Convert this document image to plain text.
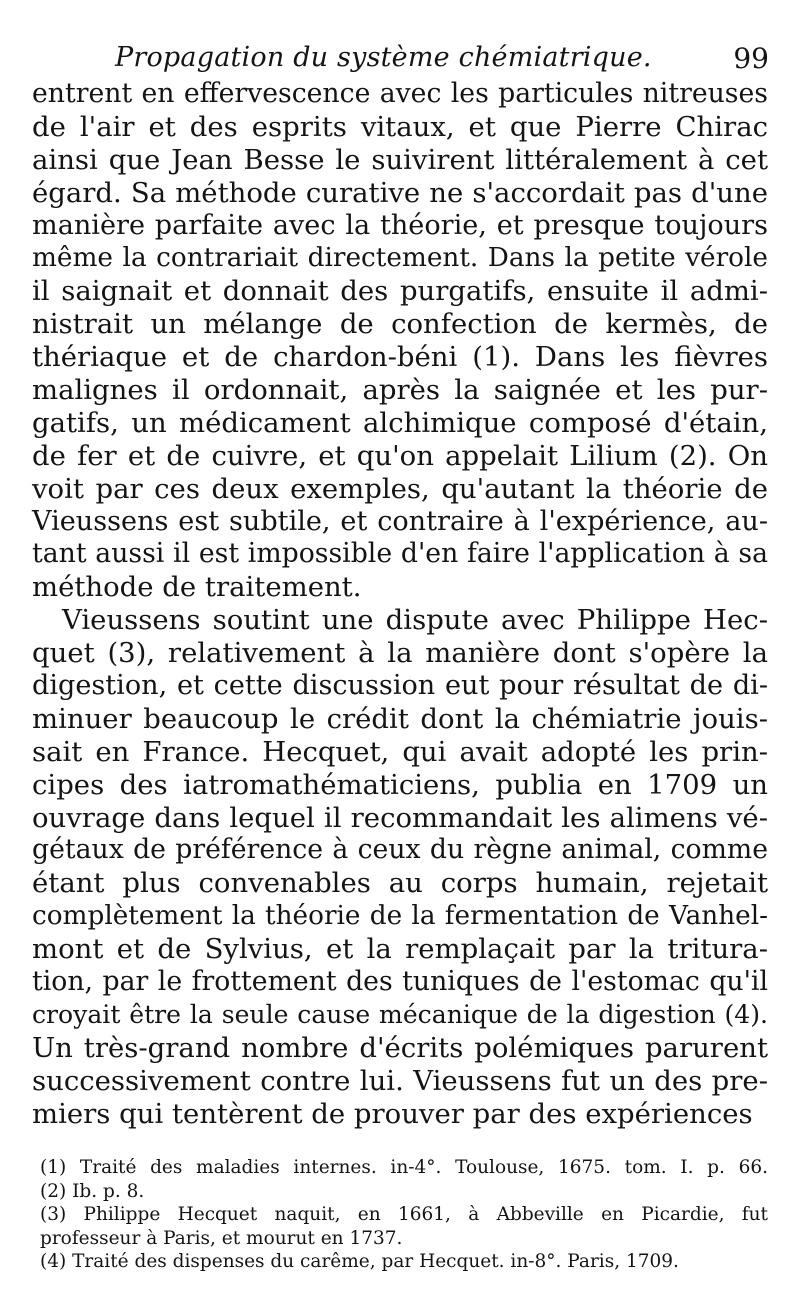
Propagation du système chémiatrique.	99
entrent en effervescence avec les particules nitreuses
de l'air et des esprits vitaux, et que Pierre Chirac
ainsi que Jean Besse le suivirent littéralement à cet
égard. Sa méthode curative ne s'accordait pas d'une
manière parfaite avec la théorie, et presque toujours
même la contrariait directement. Dans la petite vérole
il saignait et donnait des purgatifs, ensuite il admi-
nistrait un mélange de confection de kermès, de
thériaque et de chardon-béni (1). Dans les fièvres
malignes il ordonnait, après la saignée et les pur-
gatifs, un médicament alchimique composé d'étain,
de fer et de cuivre, et qu'on appelait Lilium (2). On
voit par ces deux exemples, qu'autant la théorie de
Vieussens est subtile, et contraire à l'expérience, au-
tant aussi il est impossible d'en faire l'application à sa
méthode de traitement.
Vieussens soutint une dispute avec Philippe Hec-
quet (3), relativement à la manière dont s'opère la
digestion, et cette discussion eut pour résultat de di-
minuer beaucoup le crédit dont la chémiatrie jouis-
sait en France. Hecquet, qui avait adopté les prin-
cipes des iatromathématiciens, publia en 1709 un
ouvrage dans lequel il recommandait les alimens vé-
gétaux de préférence à ceux du règne animal, comme
étant plus convenables au corps humain, rejetait
complètement la théorie de la fermentation de Vanhel-
mont et de Sylvius, et la remplaçait par la tritura-
tion, par le frottement des tuniques de l'estomac qu'il
croyait être la seule cause mécanique de la digestion (4).
Un très-grand nombre d'écrits polémiques parurent
successivement contre lui. Vieussens fut un des pre-
miers qui tentèrent de prouver par des expériences
(1) Traité des maladies internes. in-4°. Toulouse, 1675. tom. I. p. 66.
(2) Ib. p. 8.
(3) Philippe Hecquet naquit, en 1661, à Abbeville en Picardie, fut
professeur à Paris, et mourut en 1737.
(4) Traité des dispenses du carême, par Hecquet. in-8°. Paris, 1709.
